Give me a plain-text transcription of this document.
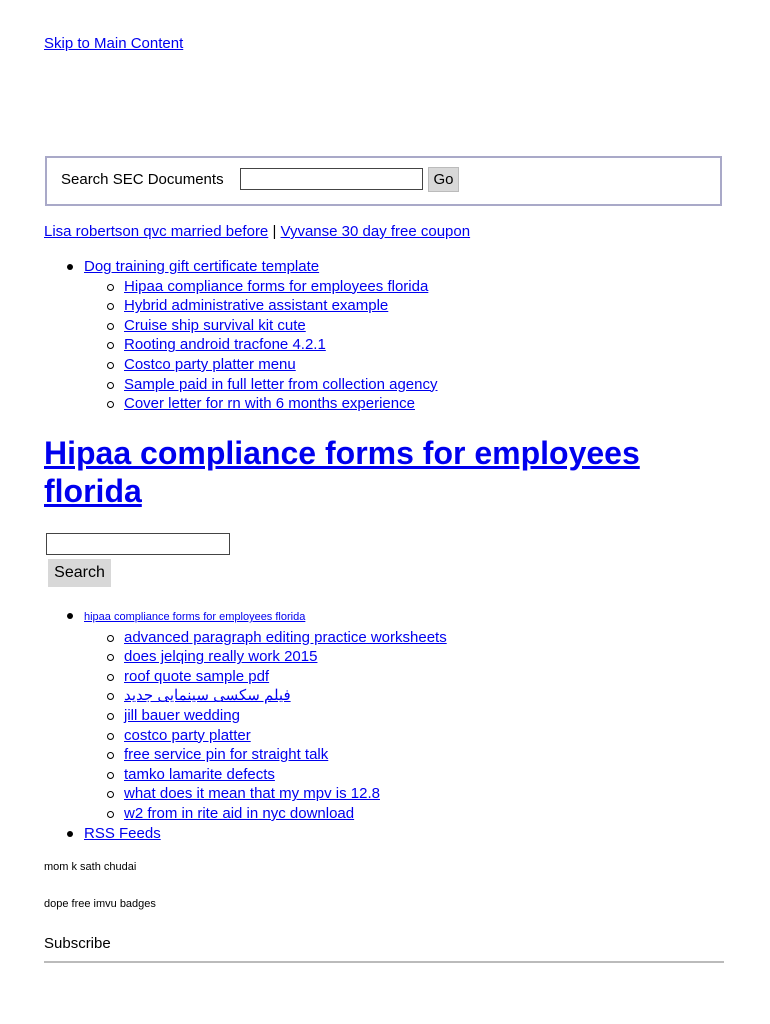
Skip to Main Content
Search SEC Documents	Go
Lisa robertson qvc married before | Vyvanse 30 day free coupon
Dog training gift certificate template
Hipaa compliance forms for employees florida
Hybrid administrative assistant example
Cruise ship survival kit cute
Rooting android tracfone 4.2.1
Costco party platter menu
Sample paid in full letter from collection agency
Cover letter for rn with 6 months experience
Hipaa compliance forms for employees florida
Search
hipaa compliance forms for employees florida
advanced paragraph editing practice worksheets
does jelqing really work 2015
roof quote sample pdf
فیلم سکسی سینمایی جدید
jill bauer wedding
costco party platter
free service pin for straight talk
tamko lamarite defects
what does it mean that my mpv is 12.8
w2 from in rite aid in nyc download
RSS Feeds
mom k sath chudai
dope free imvu badges
Subscribe
